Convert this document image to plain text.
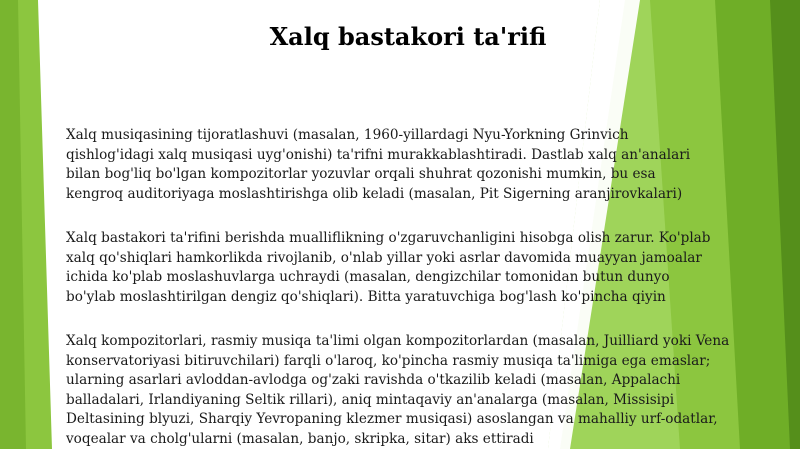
Xalq bastakori ta'rifi
Xalq musiqasining tijoratlashuvi (masalan, 1960-yillardagi Nyu-Yorkning Grinvich
qishlog'idagi xalq musiqasi uyg'onishi) ta'rifni murakkablashtiradi. Dastlab xalq an'analari
bilan bog'liq bo'lgan kompozitorlar yozuvlar orqali shuhrat qozonishi mumkin, bu esa
kengroq auditoriyaga moslashtirishga olib keladi (masalan, Pit Sigerning aranjirovkalari)
Xalq bastakori ta'rifini berishda mualliflikning o'zgaruvchanligini hisobga olish zarur. Ko'plab
xalq qo'shiqlari hamkorlikda rivojlanib, o'nlab yillar yoki asrlar davomida muayyan jamoalar
ichida ko'plab moslashuvlarga uchraydi (masalan, dengizchilar tomonidan butun dunyo
bo'ylab moslashtirilgan dengiz qo'shiqlari). Bitta yaratuvchiga bog'lash ko'pincha qiyin
Xalq kompozitorlari, rasmiy musiqa ta'limi olgan kompozitorlardan (masalan, Juilliard yoki Vena
konservatoriyasi bitiruvchilari) farqli o'laroq, ko'pincha rasmiy musiqa ta'limiga ega emaslar;
ularning asarlari avloddan-avlodga og'zaki ravishda o'tkazilib keladi (masalan, Appalachi
balladalari, Irlandiyaning Seltik rillari), aniq mintaqaviy an'analarga (masalan, Missisipi
Deltasining blyuzi, Sharqiy Yevropaning klezmer musiqasi) asoslangan va mahalliy urf-odatlar,
voqealar va cholg'ularni (masalan, banjo, skripka, sitar) aks ettiradi
